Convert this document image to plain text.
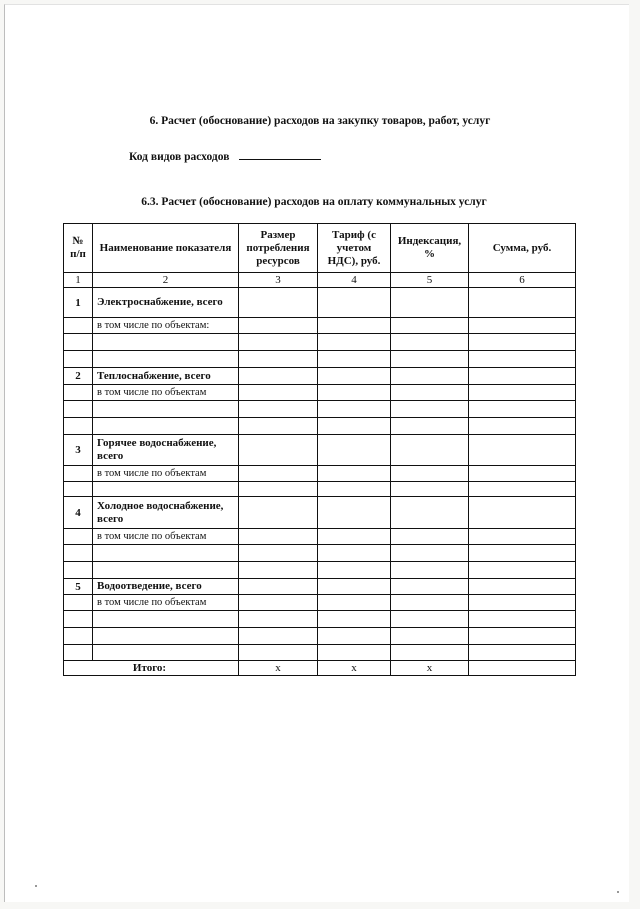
6. Расчет (обоснование) расходов на закупку товаров, работ, услуг
Код видов расходов
6.3. Расчет (обоснование) расходов на оплату коммунальных услуг
№ п/п	Наименование показателя	Размер потребления ресурсов	Тариф (с учетом НДС), руб.	Индексация, %	Сумма, руб.
1	2	3	4	5	6
1	Электроснабжение, всего				
	в том числе по объектам:				

2	Теплоснабжение, всего				
	в том числе по объектам				

3	Горячее водоснабжение, всего				
	в том числе по объектам				

4	Холодное водоснабжение, всего				
	в том числе по объектам				

5	Водоотведение, всего				
	в том числе по объектам				

Итого:		х	х	х	
